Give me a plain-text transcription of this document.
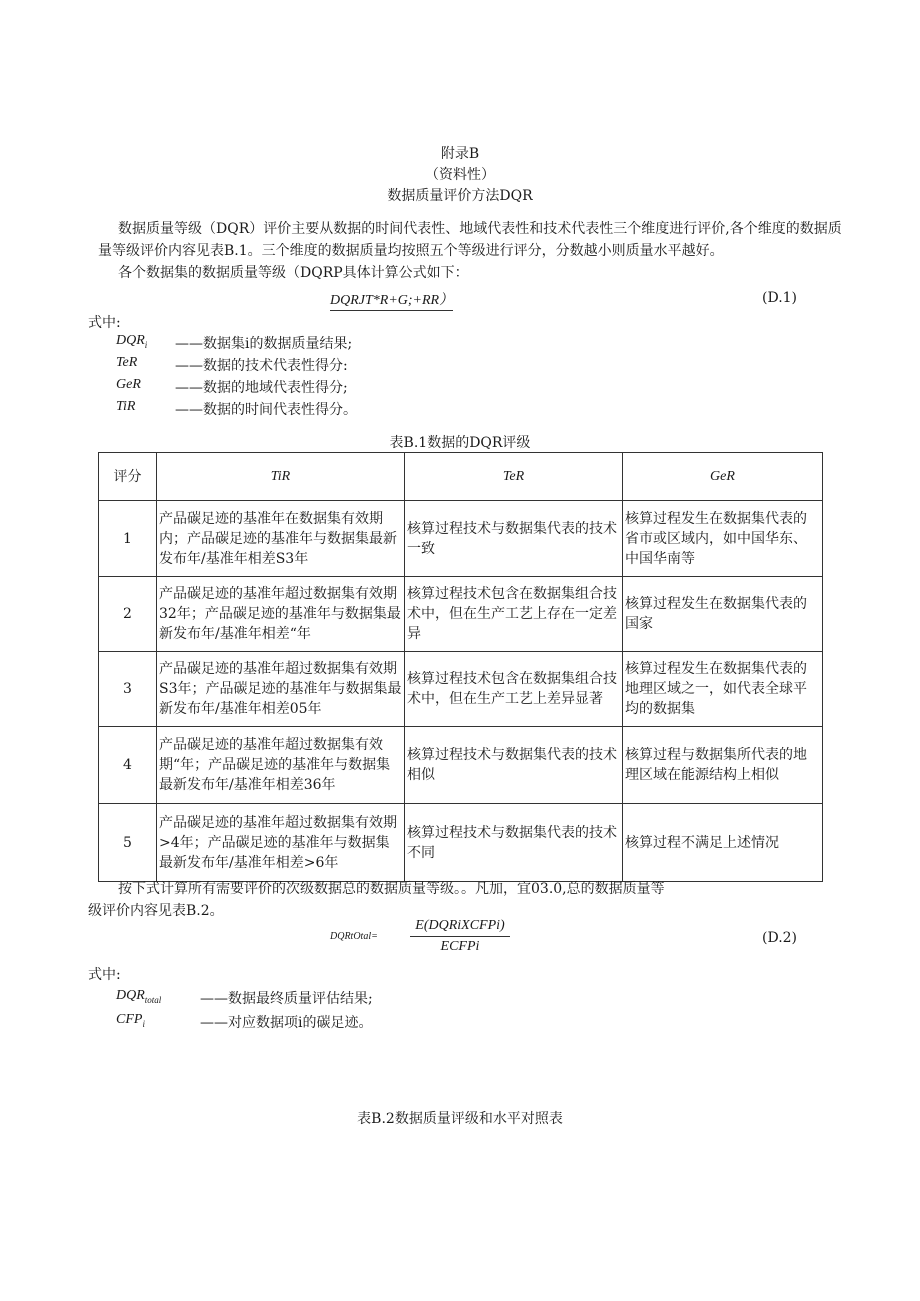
附录B
（资料性）
数据质量评价方法DQR

数据质量等级（DQR）评价主要从数据的时间代表性、地域代表性和技术代表性三个维度进行评价,各个维度的数据质

量等级评价内容见表B.1。三个维度的数据质量均按照五个等级进行评分，分数越小则质量水平越好。

各个数据集的数据质量等级（DQRP具体计算公式如下：

DQRJT*R+G;+RR）	(D.1)
式中:
$DQR_i$ ——数据集i的数据质量结果;
TeR	——数据的技术代表性得分:
GeR ——数据的地域代表性得分;
TiR	——数据的时间代表性得分。
表B.1数据的DQR评级
评分	TiR	TeR	GeR
1	产品碳足迹的基准年在数据集有效期内；产品碳足迹的基准年与数据集最新发布年/基准年相差S3年	核算过程技术与数据集代表的技术一致	核算过程发生在数据集代表的省市或区域内，如中国华东、中国华南等
2	产品碳足迹的基准年超过数据集有效期32年；产品碳足迹的基准年与数据集最新发布年/基准年相差“年	核算过程技术包含在数据集组合技术中，但在生产工艺上存在一定差异	核算过程发生在数据集代表的国家
3	产品碳足迹的基准年超过数据集有效期S3年；产品碳足迹的基准年与数据集最新发布年/基准年相差05年	核算过程技术包含在数据集组合技术中，但在生产工艺上差异显著	核算过程发生在数据集代表的地理区域之一，如代表全球平均的数据集
4	产品碳足迹的基准年超过数据集有效期“年；产品碳足迹的基准年与数据集最新发布年/基准年相差36年	核算过程技术与数据集代表的技术相似	核算过程与数据集所代表的地理区域在能源结构上相似
5	产品碳足迹的基准年超过数据集有效期>4年；产品碳足迹的基准年与数据集最新发布年/基准年相差>6年	核算过程技术与数据集代表的技术不同	核算过程不满足上述情况

按下式计算所有需要评价的次级数据总的数据质量等级。。凡加，宜03.0,总的数据质量等

级评价内容见表B.2。

DQRtOtal=
E(DQRiXCFPi)
ECFPi
(D.2)
式中:
$DQR_{total}$	——数据最终质量评估结果;
$CFP_i$	——对应数据项i的碳足迹。
表B.2数据质量评级和水平对照表
